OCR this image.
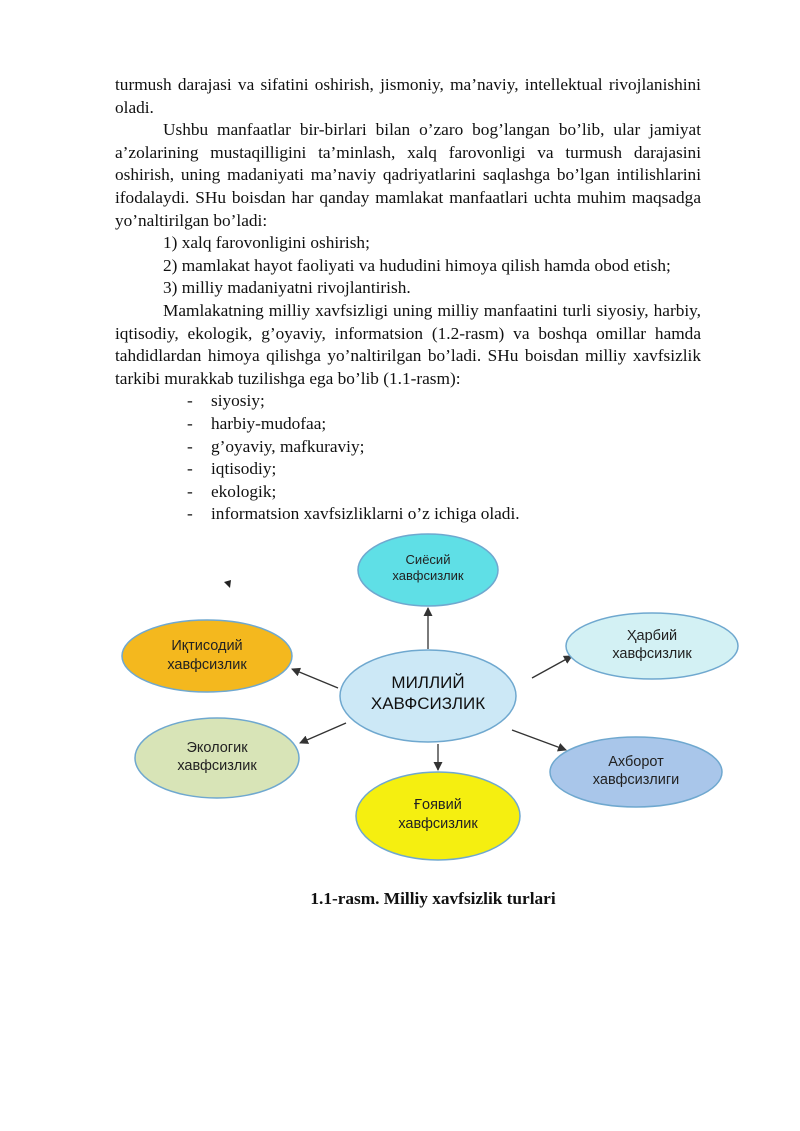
turmush darajasi va sifatini oshirish, jismoniy, ma’naviy, intellektual rivojlanishini oladi.

Ushbu manfaatlar bir-birlari bilan o’zaro bog’langan bo’lib, ular jamiyat a’zolarining mustaqilligini ta’minlash, xalq farovonligi va turmush darajasini oshirish, uning madaniyati ma’naviy qadriyatlarini saqlashga bo’lgan intilishlarini ifodalaydi. SHu boisdan har qanday mamlakat manfaatlari uchta muhim maqsadga yo’naltirilgan bo’ladi:

1) xalq farovonligini oshirish;

2) mamlakat hayot faoliyati va hududini himoya qilish hamda obod etish;

3) milliy madaniyatni rivojlantirish.

Mamlakatning milliy xavfsizligi uning milliy manfaatini turli siyosiy, harbiy, iqtisodiy, ekologik, g’oyaviy, informatsion (1.2-rasm) va boshqa omillar hamda tahdidlardan himoya qilishga yo’naltirilgan bo’ladi. SHu boisdan milliy xavfsizlik tarkibi murakkab tuzilishga ega bo’lib (1.1-rasm):

- siyosiy;
- harbiy-mudofaa;
- g’oyaviy, mafkuraviy;
- iqtisodiy;
- ekologik;
- informatsion xavfsizliklarni o’z ichiga oladi.
МИЛЛИЙ
ХАВФСИЗЛИК
Сиёсий
хавфсизлик
Ҳарбий
хавфсизлик
Ахборот
хавфсизлиги
Ғоявий
хавфсизлик
Экологик
хавфсизлик
Иқтисодий
хавфсизлик
1.1-rasm. Milliy xavfsizlik turlari
